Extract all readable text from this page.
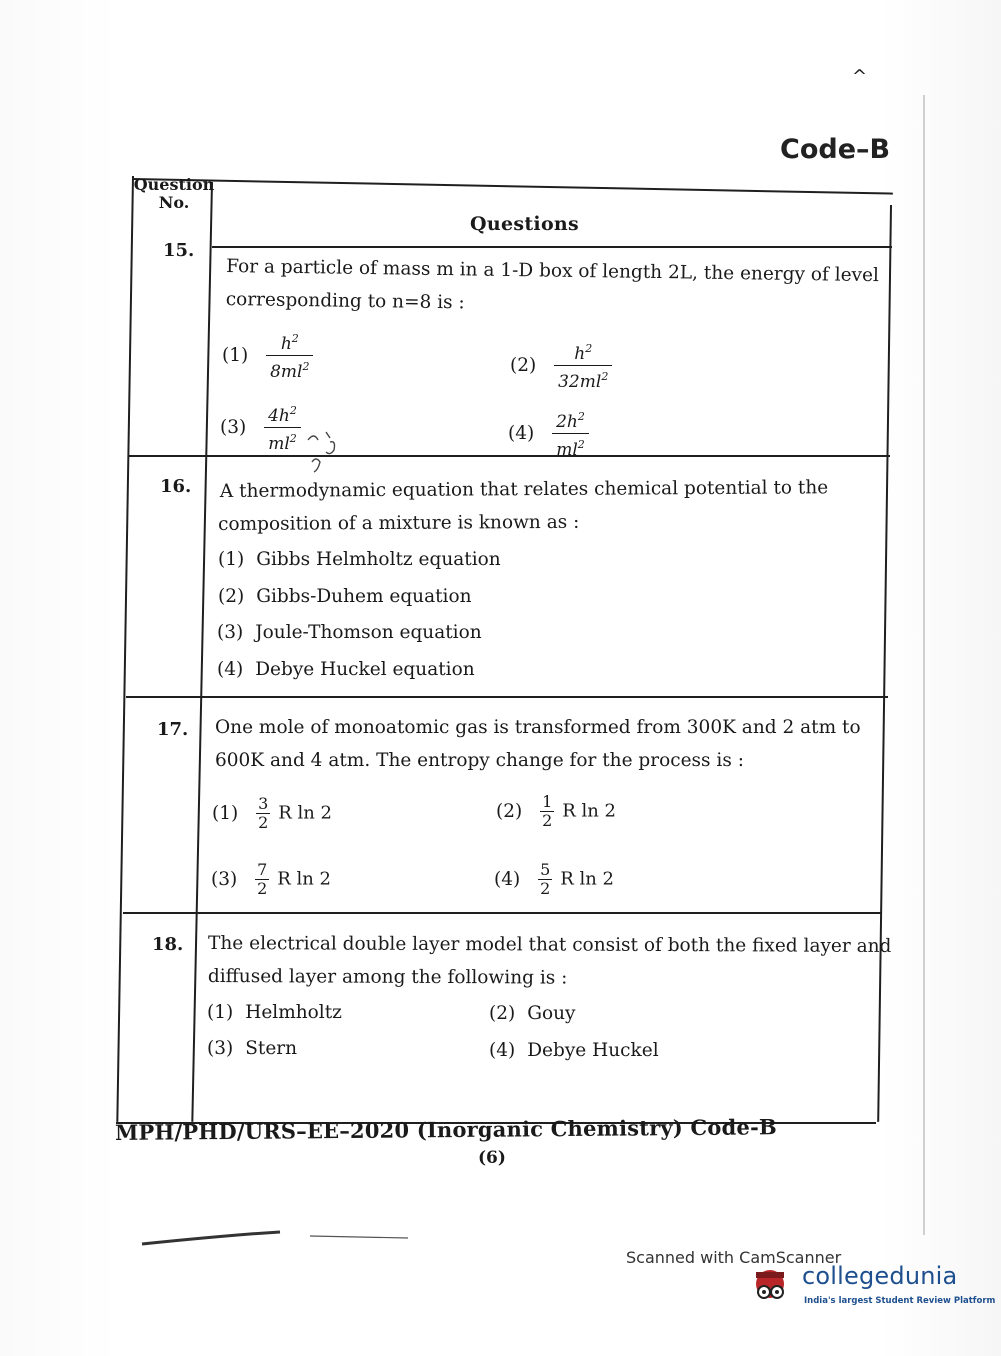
^
Code–B
Question No.
Questions
15.
For a particle of mass m in a 1-D box of length 2L, the energy of level
corresponding to n=8 is :
$(1) \frac{h^2}{8ml^2}$	$(2) \frac{h^2}{32ml^2}$
$(3) \frac{4h^2}{ml^2}$	$(4) \frac{2h^2}{ml^2}$
16. A thermodynamic equation that relates chemical potential to the
composition of a mixture is known as :
(1) Gibbs Helmholtz equation
(2) Gibbs-Duhem equation
(3) Joule-Thomson equation
(4) Debye Huckel equation
17. One mole of monoatomic gas is transformed from 300K and 2 atm to
600K and 4 atm. The entropy change for the process is :
$(1) \frac{3}{2}$ R ln 2	$(2) \frac{1}{2}$ R ln 2
$(3) \frac{7}{2}$ R ln 2	$(4) \frac{5}{2}$ R ln 2
18. The electrical double layer model that consist of both the fixed layer and
diffused layer among the following is :
(1) Helmholtz	(2) Gouy
(3) Stern	(4) Debye Huckel
MPH/PHD/URS–EE–2020 (Inorganic Chemistry) Code-B
(6)
Scanned with CamScanner
collegedunia
India's largest Student Review Platform
